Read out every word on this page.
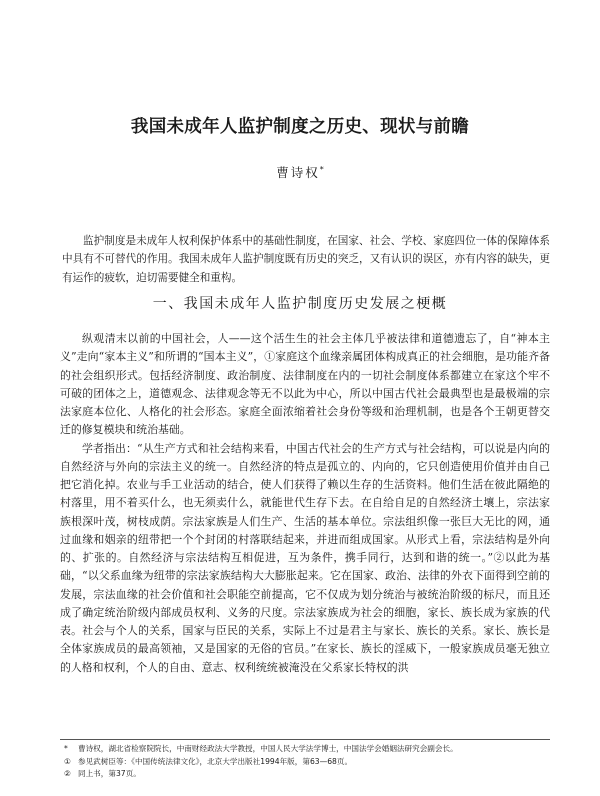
我国未成年人监护制度之历史、现状与前瞻
曹诗权*
监护制度是未成年人权利保护体系中的基础性制度，在国家、社会、学校、家庭四位一体的保障体系中具有不可替代的作用。我国未成年人监护制度既有历史的突乏，又有认识的误区，亦有内容的缺失，更有运作的疲软，迫切需要健全和重构。
一、我国未成年人监护制度历史发展之梗概

纵观清末以前的中国社会，人——这个活生生的社会主体几乎被法律和道德遗忘了，自“神本主义”走向“家本主义”和所谓的“国本主义”，①家庭这个血缘亲属团体构成真正的社会细胞，是功能齐备的社会组织形式。包括经济制度、政治制度、法律制度在内的一切社会制度体系都建立在家这个牢不可破的团体之上，道德观念、法律观念等无不以此为中心，所以中国古代社会最典型也是最极端的宗法家庭本位化、人格化的社会形态。家庭全面浓缩着社会身份等级和治理机制，也是各个王朝更替交迁的修复模块和统治基础。

学者指出：“从生产方式和社会结构来看，中国古代社会的生产方式与社会结构，可以说是内向的自然经济与外向的宗法主义的统一。自然经济的特点是孤立的、内向的，它只创造使用价值并由自己把它消化掉。农业与手工业活动的结合，使人们获得了赖以生存的生活资料。他们生活在彼此隔绝的村落里，用不着买什么，也无须卖什么，就能世代生存下去。在自给自足的自然经济土壤上，宗法家族根深叶茂，树枝成荫。宗法家族是人们生产、生活的基本单位。宗法组织像一张巨大无比的网，通过血缘和姻亲的纽带把一个个封闭的村落联结起来，并进而组成国家。从形式上看，宗法结构是外向的、扩张的。自然经济与宗法结构互相促进，互为条件，携手同行，达到和谐的统一。”②以此为基础，“以父系血缘为纽带的宗法家族结构大大膨胀起来。它在国家、政治、法律的外衣下面得到空前的发展，宗法血缘的社会价值和社会职能空前提高，它不仅成为划分统治与被统治阶级的标尺，而且还成了确定统治阶级内部成员权利、义务的尺度。宗法家族成为社会的细胞，家长、族长成为家族的代表。社会与个人的关系，国家与臣民的关系，实际上不过是君主与家长、族长的关系。家长、族长是全体家族成员的最高领袖，又是国家的无俗的官员。”在家长、族长的淫威下，一般家族成员毫无独立的人格和权利，个人的自由、意志、权利统统被淹没在父系家长特权的洪

* 曹诗权，湖北省检察院院长，中南财经政法大学教授，中国人民大学法学博士，中国法学会婚姻法研究会副会长。
① 参见武树臣等：《中国传统法律文化》，北京大学出版社1994年版，第63—68页。
② 同上书，第37页。
